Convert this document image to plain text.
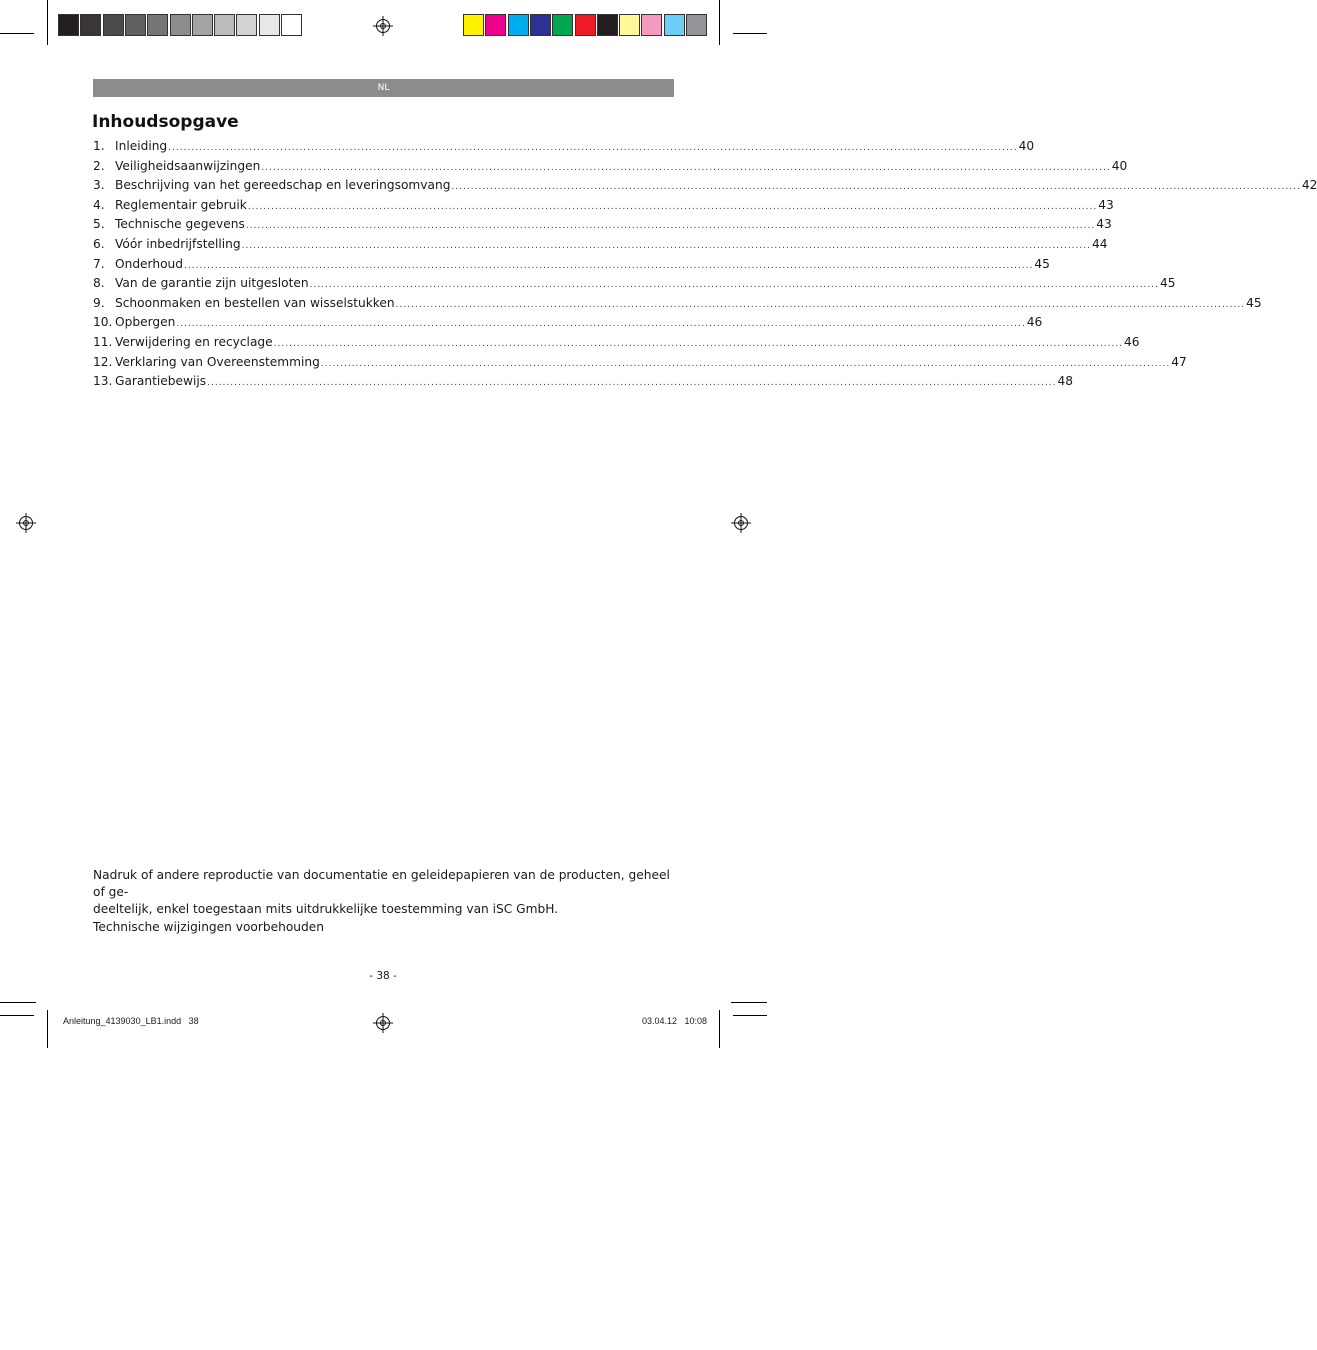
NL
Inhoudsopgave
1. Inleiding ............................................................................................................................................................................................................................ 40
2. Veiligheidsaanwijzingen ............................................................................................................................................................................................................................ 40
3. Beschrijving van het gereedschap en leveringsomvang ............................................................................................................................................................................................................................ 42
4. Reglementair gebruik ............................................................................................................................................................................................................................ 43
5. Technische gegevens ............................................................................................................................................................................................................................ 43
6. Vóór inbedrijfstelling ............................................................................................................................................................................................................................ 44
7. Onderhoud ............................................................................................................................................................................................................................ 45
8. Van de garantie zijn uitgesloten ............................................................................................................................................................................................................................ 45
9. Schoonmaken en bestellen van wisselstukken ............................................................................................................................................................................................................................ 45
10. Opbergen ............................................................................................................................................................................................................................ 46
11. Verwijdering en recyclage ............................................................................................................................................................................................................................ 46
12. Verklaring van Overeenstemming ............................................................................................................................................................................................................................ 47
13. Garantiebewijs ............................................................................................................................................................................................................................ 48
Nadruk of andere reproductie van documentatie en geleidepapieren van de producten, geheel of ge-
deeltelijk, enkel toegestaan mits uitdrukkelijke toestemming van iSC GmbH.
Technische wijzigingen voorbehouden
- 38 -
Anleitung_4139030_LB1.indd   38	03.04.12   10:08
